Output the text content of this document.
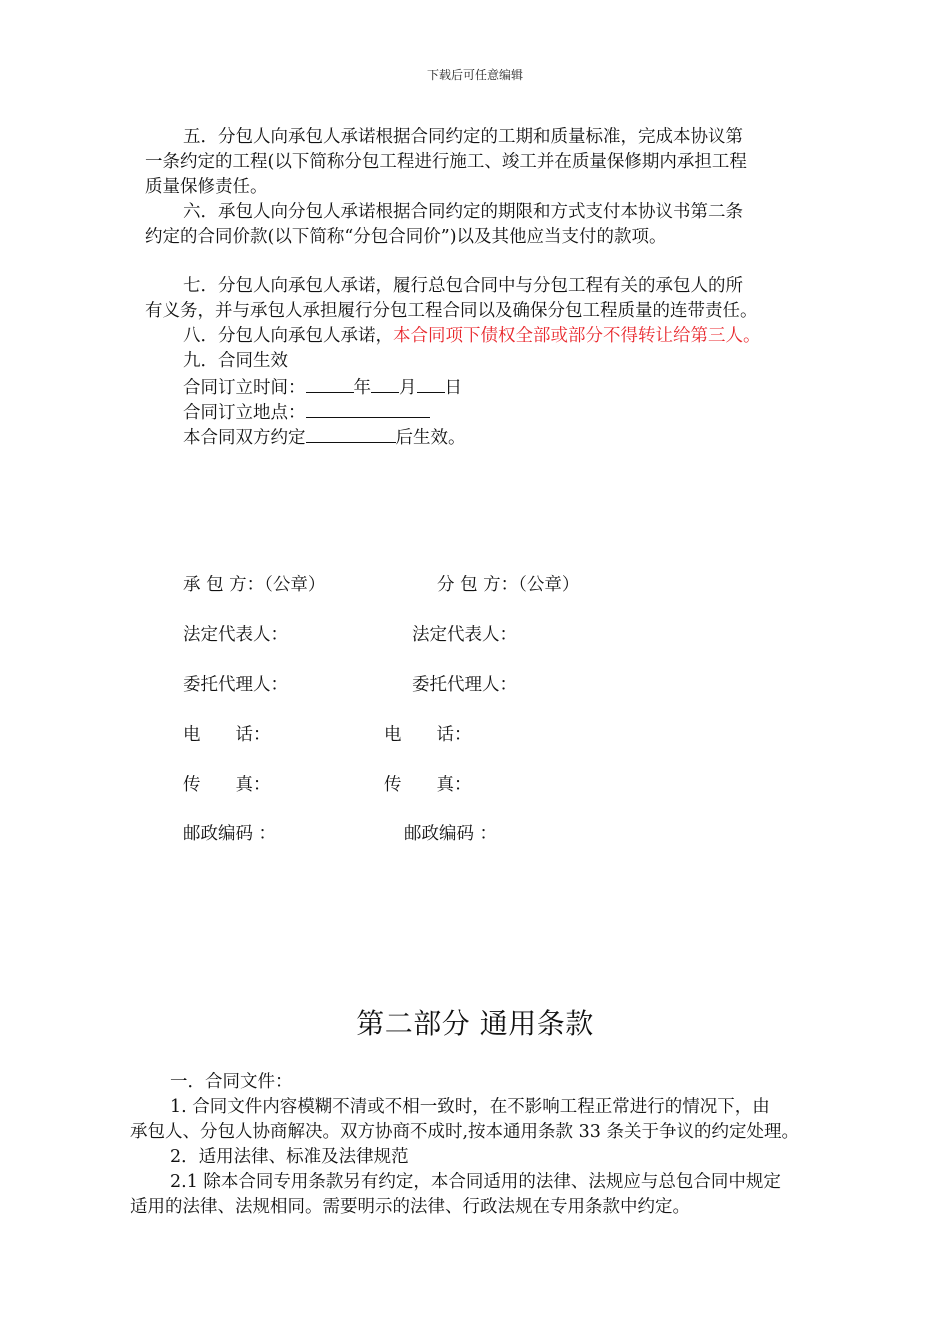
下载后可任意编辑
五．分包人向承包人承诺根据合同约定的工期和质量标准，完成本协议第
一条约定的工程(以下简称分包工程进行施工、竣工并在质量保修期内承担工程
质量保修责任。
六．承包人向分包人承诺根据合同约定的期限和方式支付本协议书第二条
约定的合同价款(以下简称“分包合同价”)以及其他应当支付的款项。
七．分包人向承包人承诺，履行总包合同中与分包工程有关的承包人的所
有义务，并与承包人承担履行分包工程合同以及确保分包工程质量的连带责任。
八．分包人向承包人承诺，本合同项下债权全部或部分不得转让给第三人。
九．合同生效
合同订立时间：	年 月 日
合同订立地点：
本合同双方约定	后生效。
承 包 方：（公章）	分 包 方：（公章）
法定代表人：	法定代表人：
委托代理人：	委托代理人：
电　　话：	电　　话：
传　　真：	传　　真：
邮政编码 ：	邮政编码 ：
第二部分 通用条款
一．合同文件：
1. 合同文件内容模糊不清或不相一致时，在不影响工程正常进行的情况下，由
承包人、分包人协商解决。双方协商不成时,按本通用条款 33 条关于争议的约定处理。
2．适用法律、标准及法律规范
2.1 除本合同专用条款另有约定，本合同适用的法律、法规应与总包合同中规定
适用的法律、法规相同。需要明示的法律、行政法规在专用条款中约定。
